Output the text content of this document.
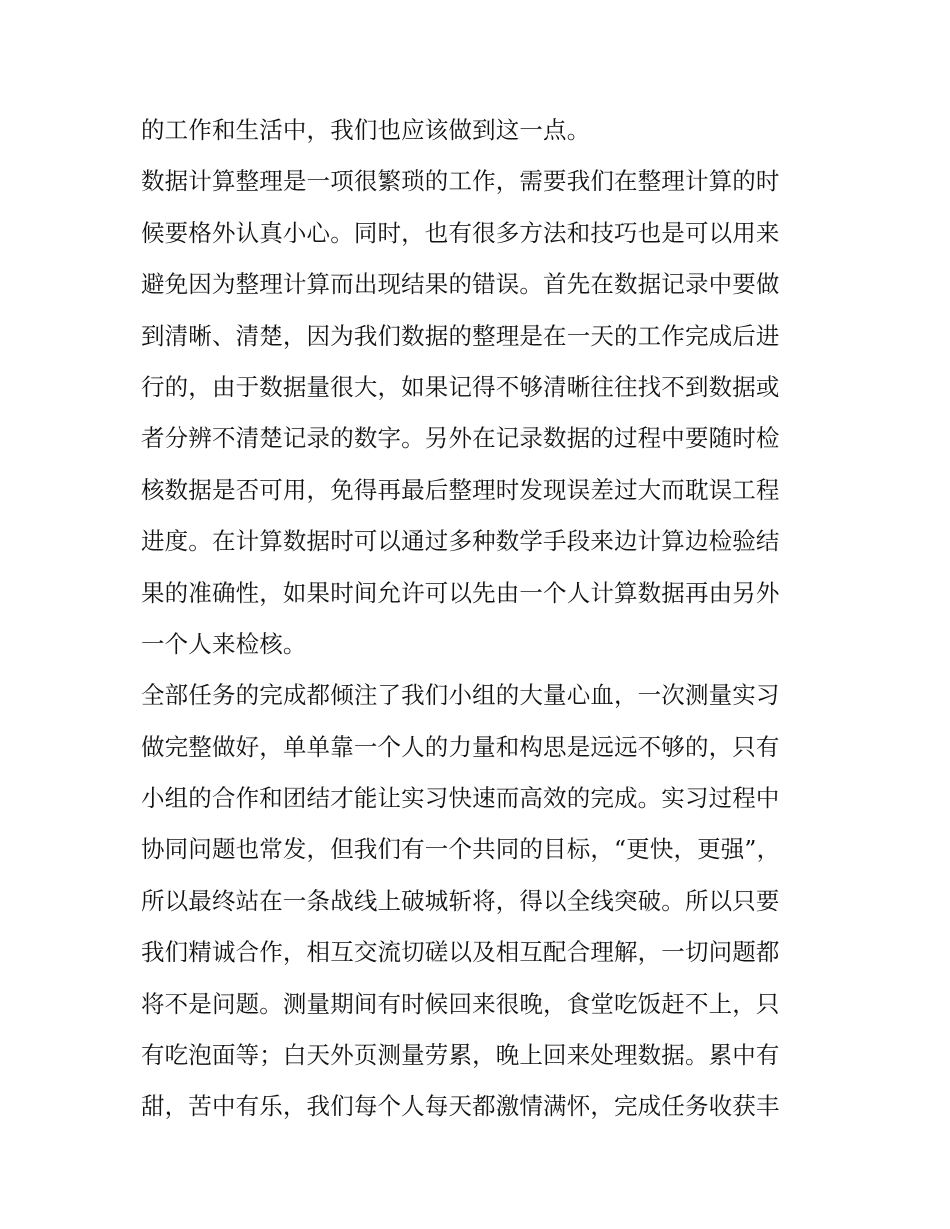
的工作和生活中，我们也应该做到这一点。
数据计算整理是一项很繁琐的工作，需要我们在整理计算的时
候要格外认真小心。同时，也有很多方法和技巧也是可以用来
避免因为整理计算而出现结果的错误。首先在数据记录中要做
到清晰、清楚，因为我们数据的整理是在一天的工作完成后进
行的，由于数据量很大，如果记得不够清晰往往找不到数据或
者分辨不清楚记录的数字。另外在记录数据的过程中要随时检
核数据是否可用，免得再最后整理时发现误差过大而耽误工程
进度。在计算数据时可以通过多种数学手段来边计算边检验结
果的准确性，如果时间允许可以先由一个人计算数据再由另外
一个人来检核。
全部任务的完成都倾注了我们小组的大量心血，一次测量实习
做完整做好，单单靠一个人的力量和构思是远远不够的，只有
小组的合作和团结才能让实习快速而高效的完成。实习过程中
协同问题也常发，但我们有一个共同的目标，“更快，更强”，
所以最终站在一条战线上破城斩将，得以全线突破。所以只要
我们精诚合作，相互交流切磋以及相互配合理解，一切问题都
将不是问题。测量期间有时候回来很晚，食堂吃饭赶不上，只
有吃泡面等；白天外页测量劳累，晚上回来处理数据。累中有
甜，苦中有乐，我们每个人每天都激情满怀，完成任务收获丰
